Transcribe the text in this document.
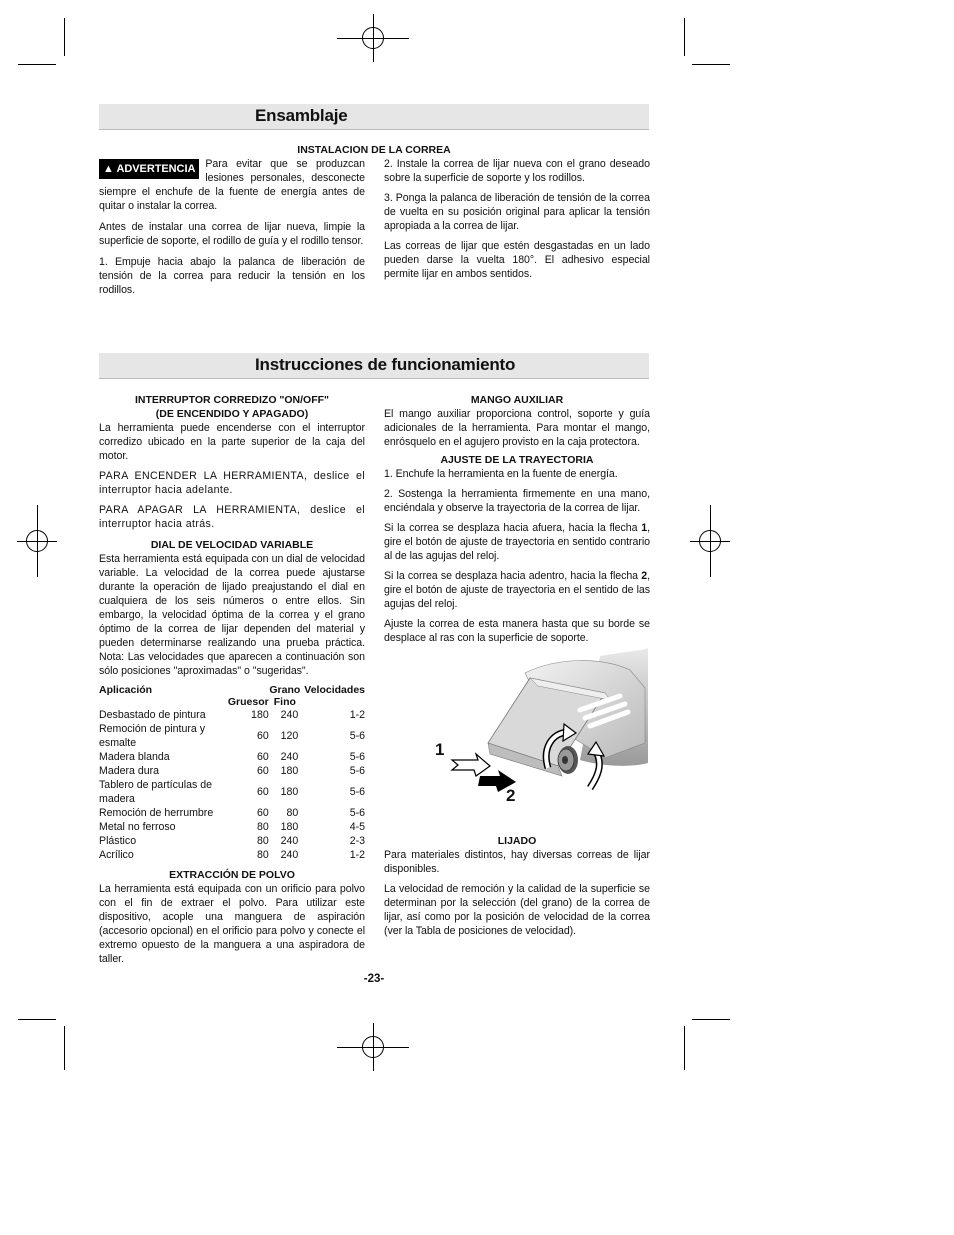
Ensamblaje
INSTALACION DE LA CORREA
▲ ADVERTENCIA Para evitar que se produzcan lesiones personales, desconecte siempre el enchufe de la fuente de energía antes de quitar o instalar la correa.
Antes de instalar una correa de lijar nueva, limpie la superficie de soporte, el rodillo de guía y el rodillo tensor.
1. Empuje hacia abajo la palanca de liberación de tensión de la correa para reducir la tensión en los rodillos.
2. Instale la correa de lijar nueva con el grano deseado sobre la superficie de soporte y los rodillos.
3. Ponga la palanca de liberación de tensión de la correa de vuelta en su posición original para aplicar la tensión apropiada a la correa de lijar.
Las correas de lijar que estén desgastadas en un lado pueden darse la vuelta 180°. El adhesivo especial permite lijar en ambos sentidos.
Instrucciones de funcionamiento
INTERRUPTOR CORREDIZO "ON/OFF"
(DE ENCENDIDO Y APAGADO)
La herramienta puede encenderse con el interruptor corredizo ubicado en la parte superior de la caja del motor.
PARA ENCENDER LA HERRAMIENTA, deslice el interruptor hacia adelante.
PARA APAGAR LA HERRAMIENTA, deslice el interruptor hacia atrás.
DIAL DE VELOCIDAD VARIABLE
Esta herramienta está equipada con un dial de velocidad variable. La velocidad de la correa puede ajustarse durante la operación de lijado preajustando el dial en cualquiera de los seis números o entre ellos. Sin embargo, la velocidad óptima de la correa y el grano óptimo de la correa de lijar dependen del material y pueden determinarse realizando una prueba práctica. Nota: Las velocidades que aparecen a continuación son sólo posiciones "aproximadas" o "sugeridas".
Aplicación	Grano		Velocidades
	Gruesor	Fino	
Desbastado de pintura	180	240	1-2
Remoción de pintura y esmalte	60	120	5-6
Madera blanda	60	240	5-6
Madera dura	60	180	5-6
Tablero de partículas de madera	60	180	5-6
Remoción de herrumbre	60	80	5-6
Metal no ferroso	80	180	4-5
Plástico	80	240	2-3
Acrílico	80	240	1-2
EXTRACCIÓN DE POLVO
La herramienta está equipada con un orificio para polvo con el fin de extraer el polvo. Para utilizar este dispositivo, acople una manguera de aspiración (accesorio opcional) en el orificio para polvo y conecte el extremo opuesto de la manguera a una aspiradora de taller.
MANGO AUXILIAR
El mango auxiliar proporciona control, soporte y guía adicionales de la herramienta. Para montar el mango, enrósquelo en el agujero provisto en la caja protectora.
AJUSTE DE LA TRAYECTORIA
1. Enchufe la herramienta en la fuente de energía.
2. Sostenga la herramienta firmemente en una mano, enciéndala y observe la trayectoria de la correa de lijar.
Si la correa se desplaza hacia afuera, hacia la flecha 1, gire el botón de ajuste de trayectoria en sentido contrario al de las agujas del reloj.
Si la correa se desplaza hacia adentro, hacia la flecha 2, gire el botón de ajuste de trayectoria en el sentido de las agujas del reloj.
Ajuste la correa de esta manera hasta que su borde se desplace al ras con la superficie de soporte.
1
2
LIJADO
Para materiales distintos, hay diversas correas de lijar disponibles.
La velocidad de remoción y la calidad de la superficie se determinan por la selección (del grano) de la correa de lijar, así como por la posición de velocidad de la correa (ver la Tabla de posiciones de velocidad).
-23-
